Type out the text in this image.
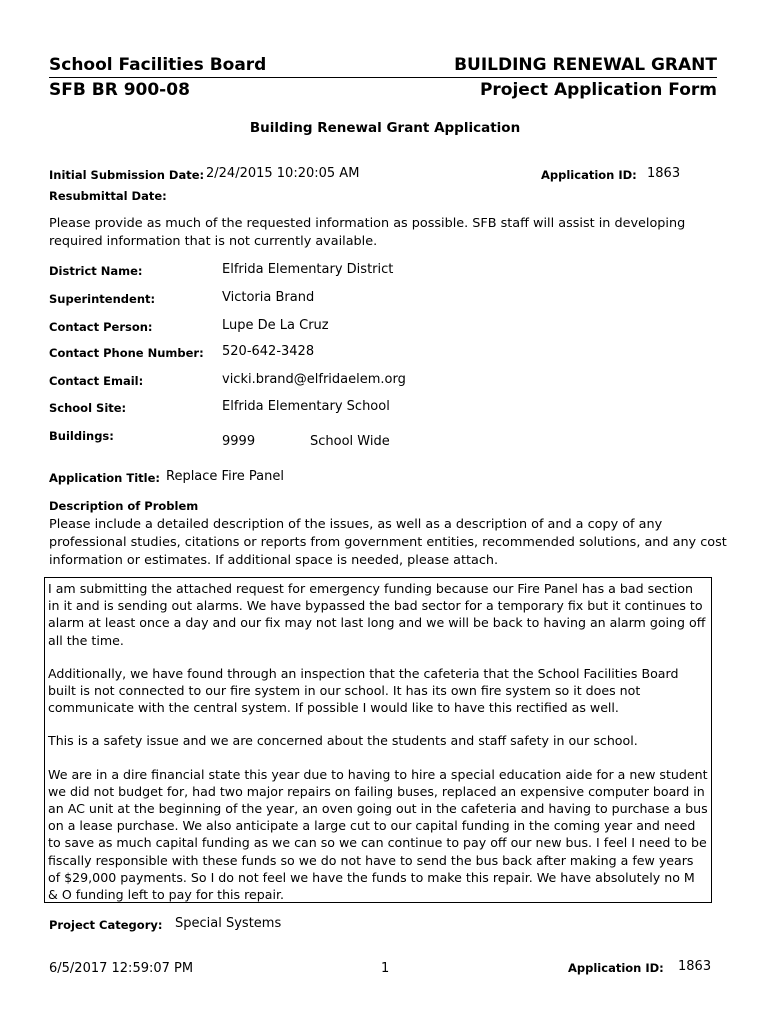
School Facilities Board	BUILDING RENEWAL GRANT
SFB BR 900-08	Project Application Form
Building Renewal Grant Application
Initial Submission Date: 2/24/2015 10:20:05 AM	Application ID: 1863
Resubmittal Date:
Please provide as much of the requested information as possible. SFB staff will assist in developing required information that is not currently available.
District Name:	Elfrida Elementary District
Superintendent:	Victoria Brand
Contact Person:	Lupe De La Cruz
Contact Phone Number: 520-642-3428
Contact Email:	vicki.brand@elfridaelem.org
School Site:	Elfrida Elementary School
Buildings:	9999	School Wide
Application Title: Replace Fire Panel
Description of Problem
Please include a detailed description of the issues, as well as a description of and a copy of any professional studies, citations or reports from government entities, recommended solutions, and any cost information or estimates. If additional space is needed, please attach.

I am submitting the attached request for emergency funding because our Fire Panel has a bad section in it and is sending out alarms. We have bypassed the bad sector for a temporary fix but it continues to alarm at least once a day and our fix may not last long and we will be back to having an alarm going off all the time.

Additionally, we have found through an inspection that the cafeteria that the School Facilities Board built is not connected to our fire system in our school. It has its own fire system so it does not communicate with the central system. If possible I would like to have this rectified as well.

This is a safety issue and we are concerned about the students and staff safety in our school.

We are in a dire financial state this year due to having to hire a special education aide for a new student we did not budget for, had two major repairs on failing buses, replaced an expensive computer board in an AC unit at the beginning of the year, an oven going out in the cafeteria and having to purchase a bus on a lease purchase. We also anticipate a large cut to our capital funding in the coming year and need to save as much capital funding as we can so we can continue to pay off our new bus. I feel I need to be fiscally responsible with these funds so we do not have to send the bus back after making a few years of $29,000 payments. So I do not feel we have the funds to make this repair. We have absolutely no M & O funding left to pay for this repair.

Project Category: Special Systems
6/5/2017 12:59:07 PM	1	Application ID: 1863
